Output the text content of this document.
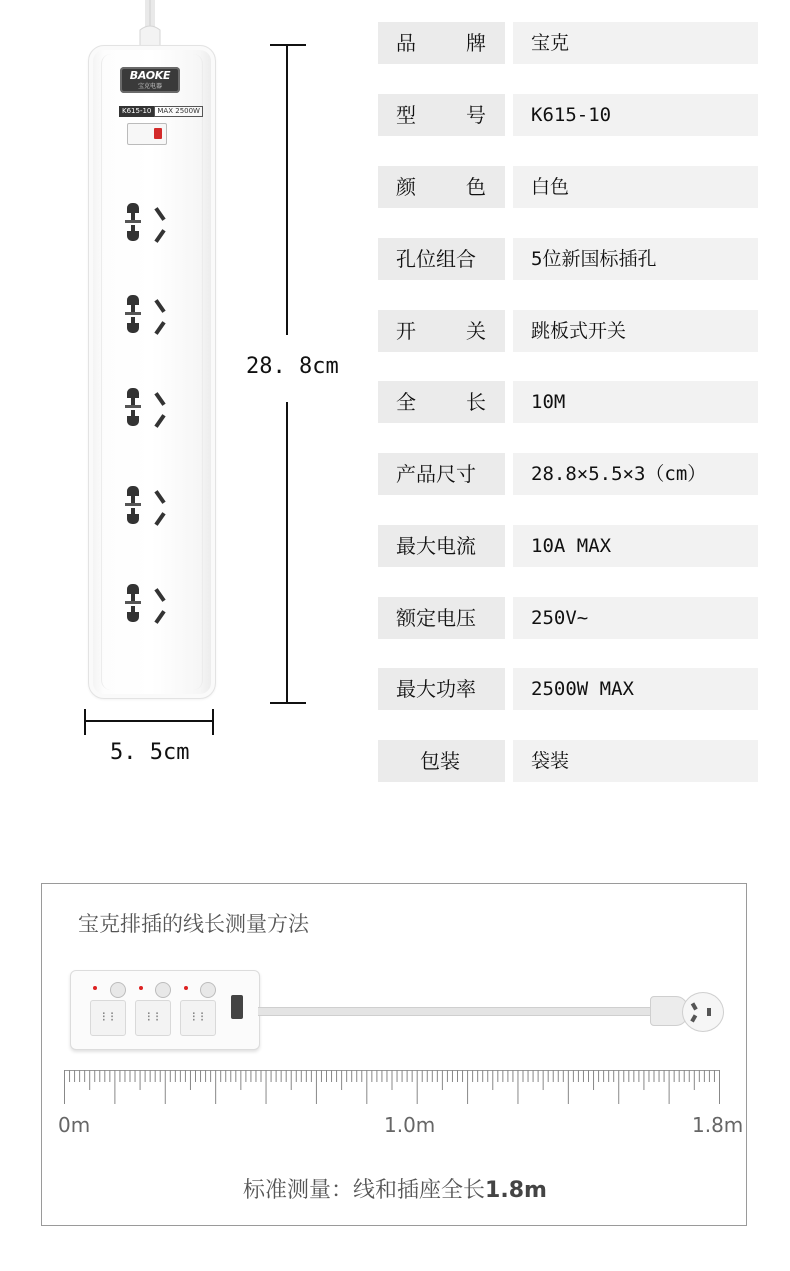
BAOKE
宝克电器
K615-10 MAX 2500W
28. 8cm
5. 5cm
品	牌	宝克
型	号	K615-10
颜	色	白色
孔位组合	5位新国标插孔
开	关	跳板式开关
全	长	10M
产品尺寸	28.8×5.5×3（cm）
最大电流	10A MAX
额定电压	250V~
最大功率	2500W MAX
包装	袋装
宝克排插的线长测量方法
⁝ ⁝	⁝ ⁝	⁝ ⁝
0m	1.0m	1.8m
标准测量：线和插座全长1.8m
